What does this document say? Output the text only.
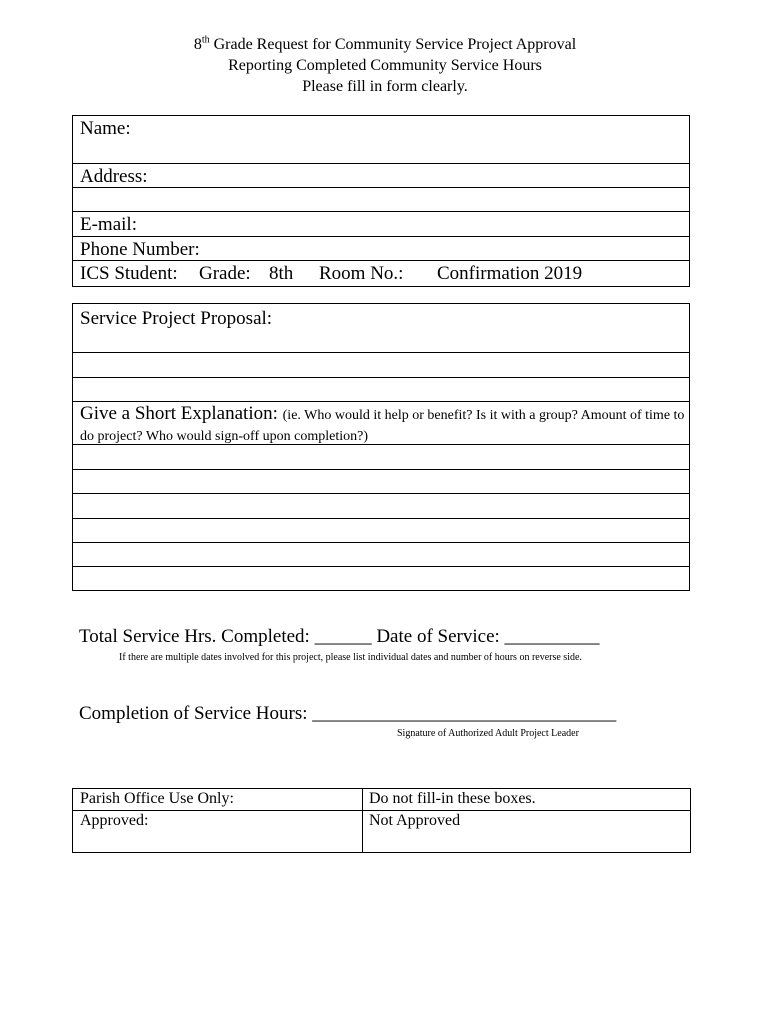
8th Grade Request for Community Service Project Approval
Reporting Completed Community Service Hours
Please fill in form clearly.
Name:
Address:
E-mail:
Phone Number:
ICS Student: Grade: 8th Room No.: Confirmation 2019
Service Project Proposal:
Give a Short Explanation: (ie. Who would it help or benefit? Is it with a group? Amount of time to do project? Who would sign-off upon completion?)
Total Service Hrs. Completed: ______ Date of Service: __________
If there are multiple dates involved for this project, please list individual dates and number of hours on reverse side.
Completion of Service Hours: ________________________________
Signature of Authorized Adult Project Leader
Parish Office Use Only:	Do not fill-in these boxes.
Approved:	Not Approved
